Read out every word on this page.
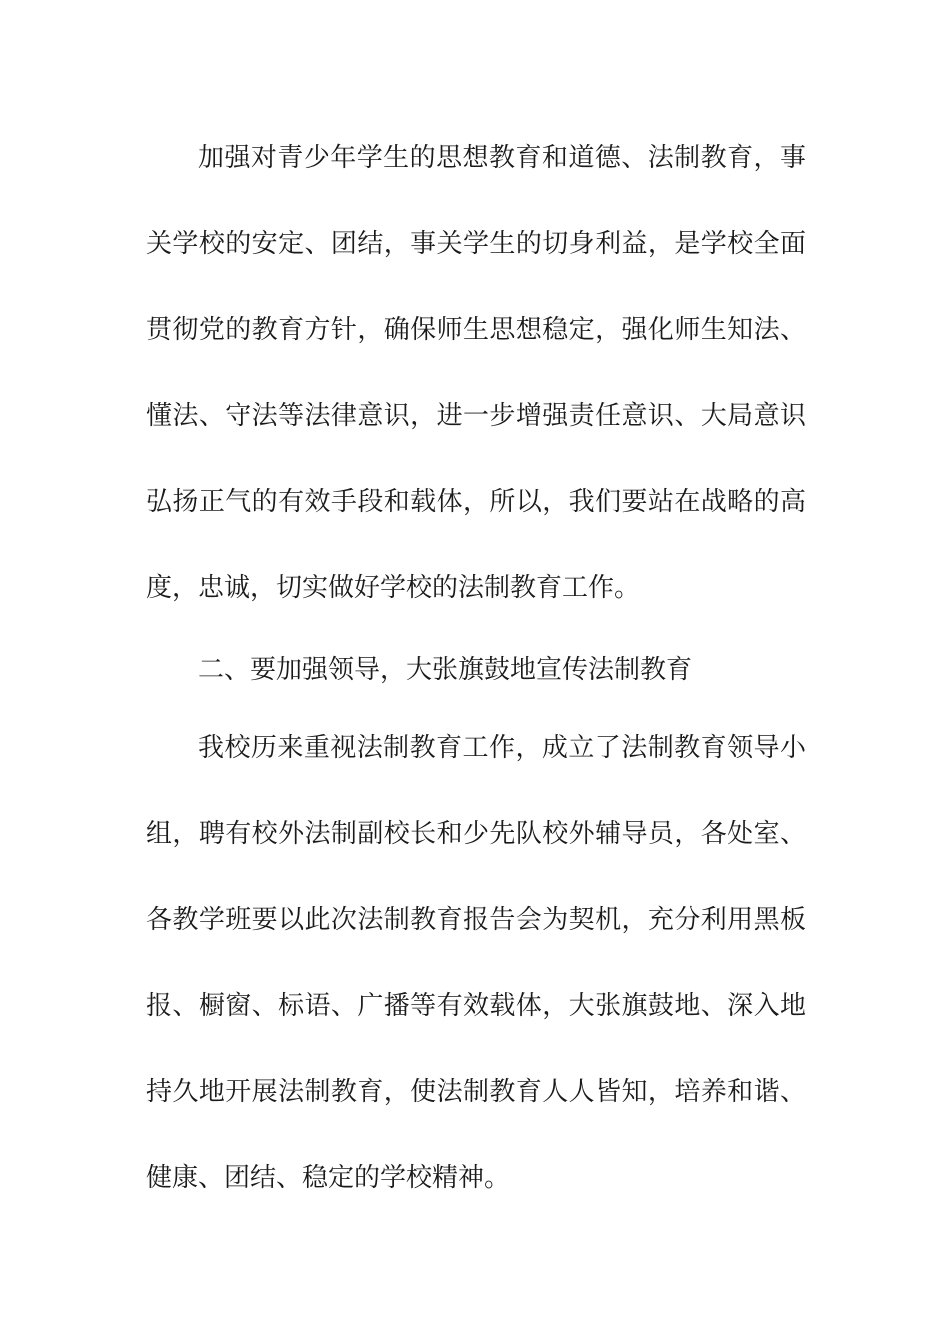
加强对青少年学生的思想教育和道德、法制教育，事
关学校的安定、团结，事关学生的切身利益，是学校全面
贯彻党的教育方针，确保师生思想稳定，强化师生知法、
懂法、守法等法律意识，进一步增强责任意识、大局意识
弘扬正气的有效手段和载体，所以，我们要站在战略的高
度，忠诚，切实做好学校的法制教育工作。
二、要加强领导，大张旗鼓地宣传法制教育
我校历来重视法制教育工作，成立了法制教育领导小
组，聘有校外法制副校长和少先队校外辅导员，各处室、
各教学班要以此次法制教育报告会为契机，充分利用黑板
报、橱窗、标语、广播等有效载体，大张旗鼓地、深入地
持久地开展法制教育，使法制教育人人皆知，培养和谐、
健康、团结、稳定的学校精神。
